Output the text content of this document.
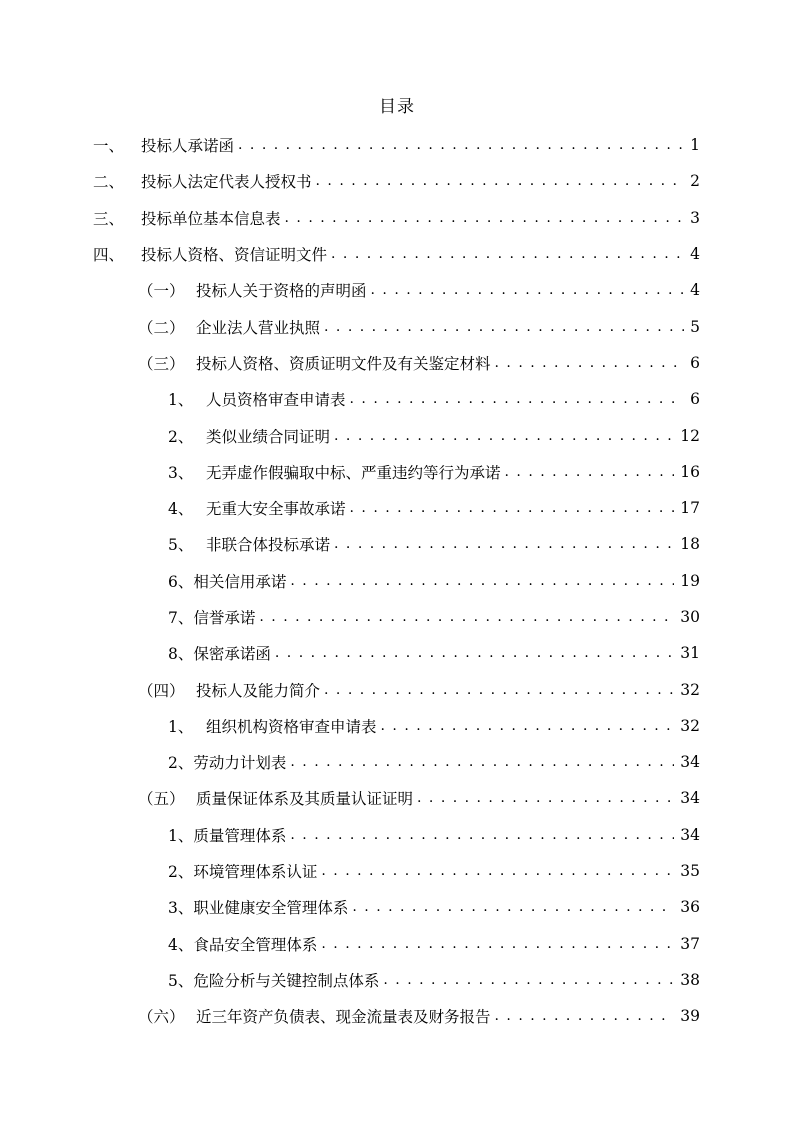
目录
一、	投标人承诺函 . . .	1
二、	投标人法定代表人授权书 . . .	2
三、	投标单位基本信息表 . . .	3
四、	投标人资格、资信证明文件 . . .	4
（一） 投标人关于资格的声明函 . . .	4
（二） 企业法人营业执照 . . .	5
（三） 投标人资格、资质证明文件及有关鉴定材料 . . .	6
1、 人员资格审查申请表 . . .	6
2、 类似业绩合同证明 . . .	12
3、 无弄虚作假骗取中标、严重违约等行为承诺 . . .	16
4、 无重大安全事故承诺 . . .	17
5、 非联合体投标承诺 . . .	18
6、 相关信用承诺 . . .	19
7、 信誉承诺 . . .	30
8、 保密承诺函 . . .	31
（四） 投标人及能力简介 . . .	32
1、 组织机构资格审查申请表 . . .	32
2、 劳动力计划表 . . .	34
（五） 质量保证体系及其质量认证证明 . . .	34
1、 质量管理体系 . . .	34
2、 环境管理体系认证 . . .	35
3、 职业健康安全管理体系 . . .	36
4、 食品安全管理体系 . . .	37
5、 危险分析与关键控制点体系 . . .	38
（六） 近三年资产负债表、现金流量表及财务报告 . . .	39
